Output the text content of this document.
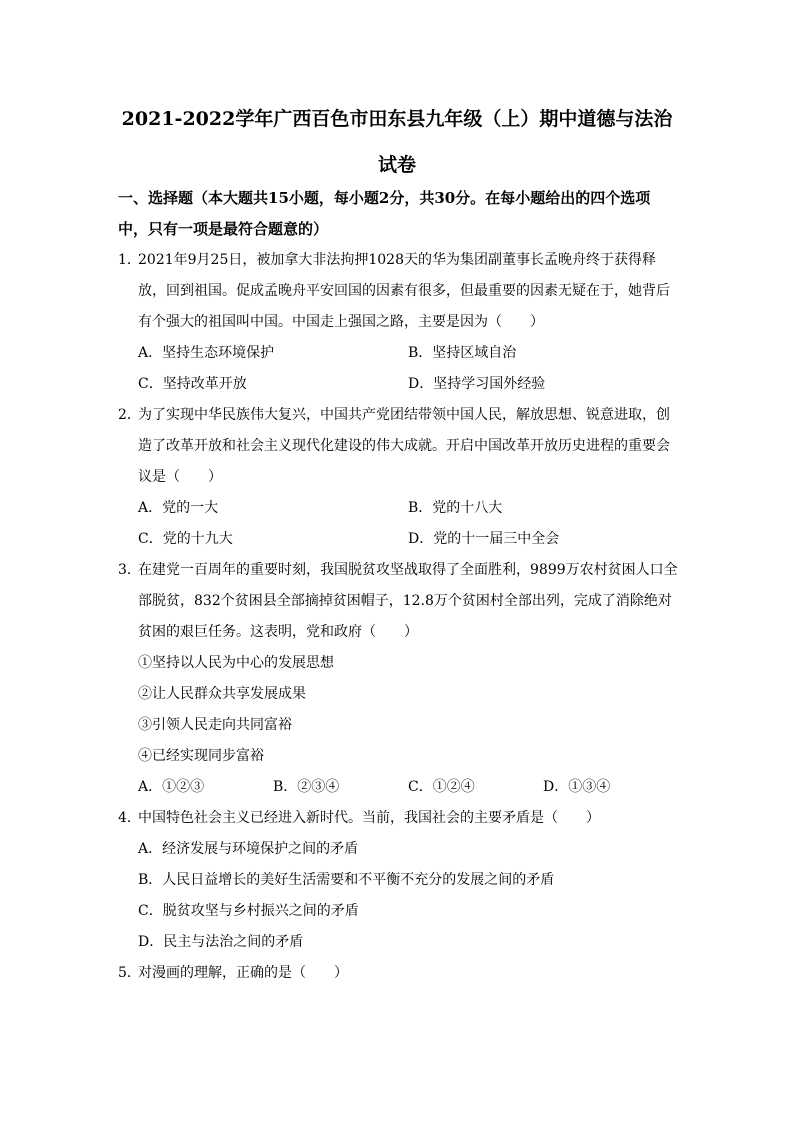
2021-2022学年广西百色市田东县九年级（上）期中道德与法治
试卷
一、选择题（本大题共15小题，每小题2分，共30分。在每小题给出的四个选项中，只有一项是最符合题意的）
1．
2021年9月25日，被加拿大非法拘押1028天的华为集团副董事长孟晚舟终于获得释放，回到祖国。促成孟晚舟平安回国的因素有很多，但最重要的因素无疑在于，她背后有个强大的祖国叫中国。中国走上强国之路，主要是因为（　　）
A．坚持生态环境保护	B．坚持区域自治
C．坚持改革开放	D．坚持学习国外经验
2．
为了实现中华民族伟大复兴，中国共产党团结带领中国人民，解放思想、锐意进取，创造了改革开放和社会主义现代化建设的伟大成就。开启中国改革开放历史进程的重要会议是（　　）
A．党的一大	B．党的十八大
C．党的十九大	D．党的十一届三中全会
3．
在建党一百周年的重要时刻，我国脱贫攻坚战取得了全面胜利，9899万农村贫困人口全部脱贫，832个贫困县全部摘掉贫困帽子，12.8万个贫困村全部出列，完成了消除绝对贫困的艰巨任务。这表明，党和政府（　　）
①坚持以人民为中心的发展思想
②让人民群众共享发展成果
③引领人民走向共同富裕
④已经实现同步富裕
A．①②③	B．②③④	C．①②④	D．①③④
4．
中国特色社会主义已经进入新时代。当前，我国社会的主要矛盾是（　　）
A．经济发展与环境保护之间的矛盾
B．人民日益增长的美好生活需要和不平衡不充分的发展之间的矛盾
C．脱贫攻坚与乡村振兴之间的矛盾
D．民主与法治之间的矛盾
5．
对漫画的理解，正确的是（　　）
